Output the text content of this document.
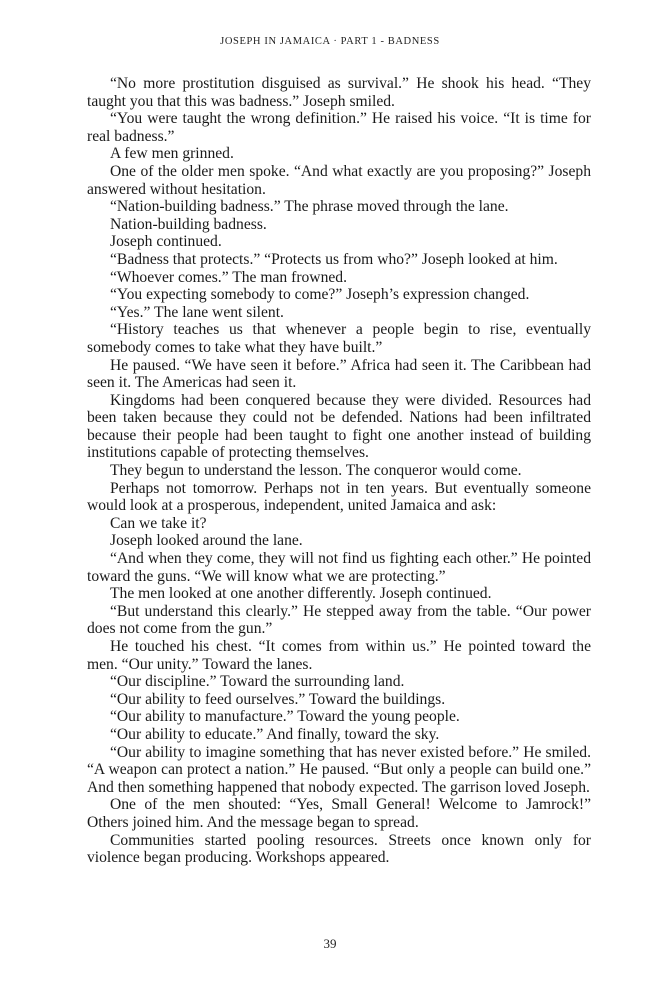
JOSEPH IN JAMAICA · PART 1 - BADNESS

“No more prostitution disguised as survival.” He shook his head. “They taught you that this was badness.” Joseph smiled.

“You were taught the wrong definition.” He raised his voice. “It is time for real badness.”

A few men grinned.

One of the older men spoke. “And what exactly are you proposing?” Joseph answered without hesitation.

“Nation-building badness.” The phrase moved through the lane.

Nation-building badness.

Joseph continued.

“Badness that protects.” “Protects us from who?” Joseph looked at him.

“Whoever comes.” The man frowned.

“You expecting somebody to come?” Joseph’s expression changed.

“Yes.” The lane went silent.

“History teaches us that whenever a people begin to rise, eventually somebody comes to take what they have built.”

He paused. “We have seen it before.” Africa had seen it. The Caribbean had seen it. The Americas had seen it.

Kingdoms had been conquered because they were divided. Resources had been taken because they could not be defended. Nations had been infiltrated because their people had been taught to fight one another instead of building institutions capable of protecting themselves.

They begun to understand the lesson. The conqueror would come.

Perhaps not tomorrow. Perhaps not in ten years. But eventually someone would look at a prosperous, independent, united Jamaica and ask:

Can we take it?

Joseph looked around the lane.

“And when they come, they will not find us fighting each other.” He pointed toward the guns. “We will know what we are protecting.”

The men looked at one another differently. Joseph continued.

“But understand this clearly.” He stepped away from the table. “Our power does not come from the gun.”

He touched his chest. “It comes from within us.” He pointed toward the men. “Our unity.” Toward the lanes.

“Our discipline.” Toward the surrounding land.

“Our ability to feed ourselves.” Toward the buildings.

“Our ability to manufacture.” Toward the young people.

“Our ability to educate.” And finally, toward the sky.

“Our ability to imagine something that has never existed before.” He smiled. “A weapon can protect a nation.” He paused. “But only a people can build one.” And then something happened that nobody expected. The garrison loved Joseph.

One of the men shouted: “Yes, Small General! Welcome to Jamrock!” Others joined him. And the message began to spread.

Communities started pooling resources. Streets once known only for violence began producing. Workshops appeared.

39
